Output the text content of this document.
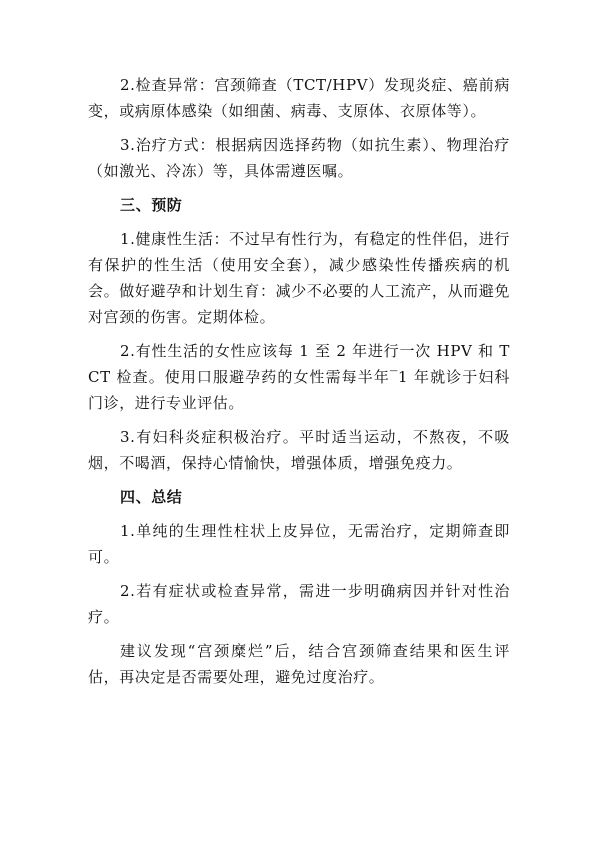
2.检查异常：宫颈筛查（TCT/HPV）发现炎症、癌前病变，或病原体感染（如细菌、病毒、支原体、衣原体等）。

3.治疗方式：根据病因选择药物（如抗生素）、物理治疗（如激光、冷冻）等，具体需遵医嘱。

三、预防

1.健康性生活：不过早有性行为，有稳定的性伴侣，进行有保护的性生活（使用安全套），减少感染性传播疾病的机会。做好避孕和计划生育：减少不必要的人工流产，从而避免对宫颈的伤害。定期体检。

2.有性生活的女性应该每 1 至 2 年进行一次 HPV 和 TCT 检查。使用口服避孕药的女性需每半年‾1 年就诊于妇科门诊，进行专业评估。

3.有妇科炎症积极治疗。平时适当运动，不熬夜，不吸烟，不喝酒，保持心情愉快，增强体质，增强免疫力。

四、总结

1.单纯的生理性柱状上皮异位，无需治疗，定期筛查即可。

2.若有症状或检查异常，需进一步明确病因并针对性治疗。

建议发现“宫颈糜烂”后，结合宫颈筛查结果和医生评估，再决定是否需要处理，避免过度治疗。
